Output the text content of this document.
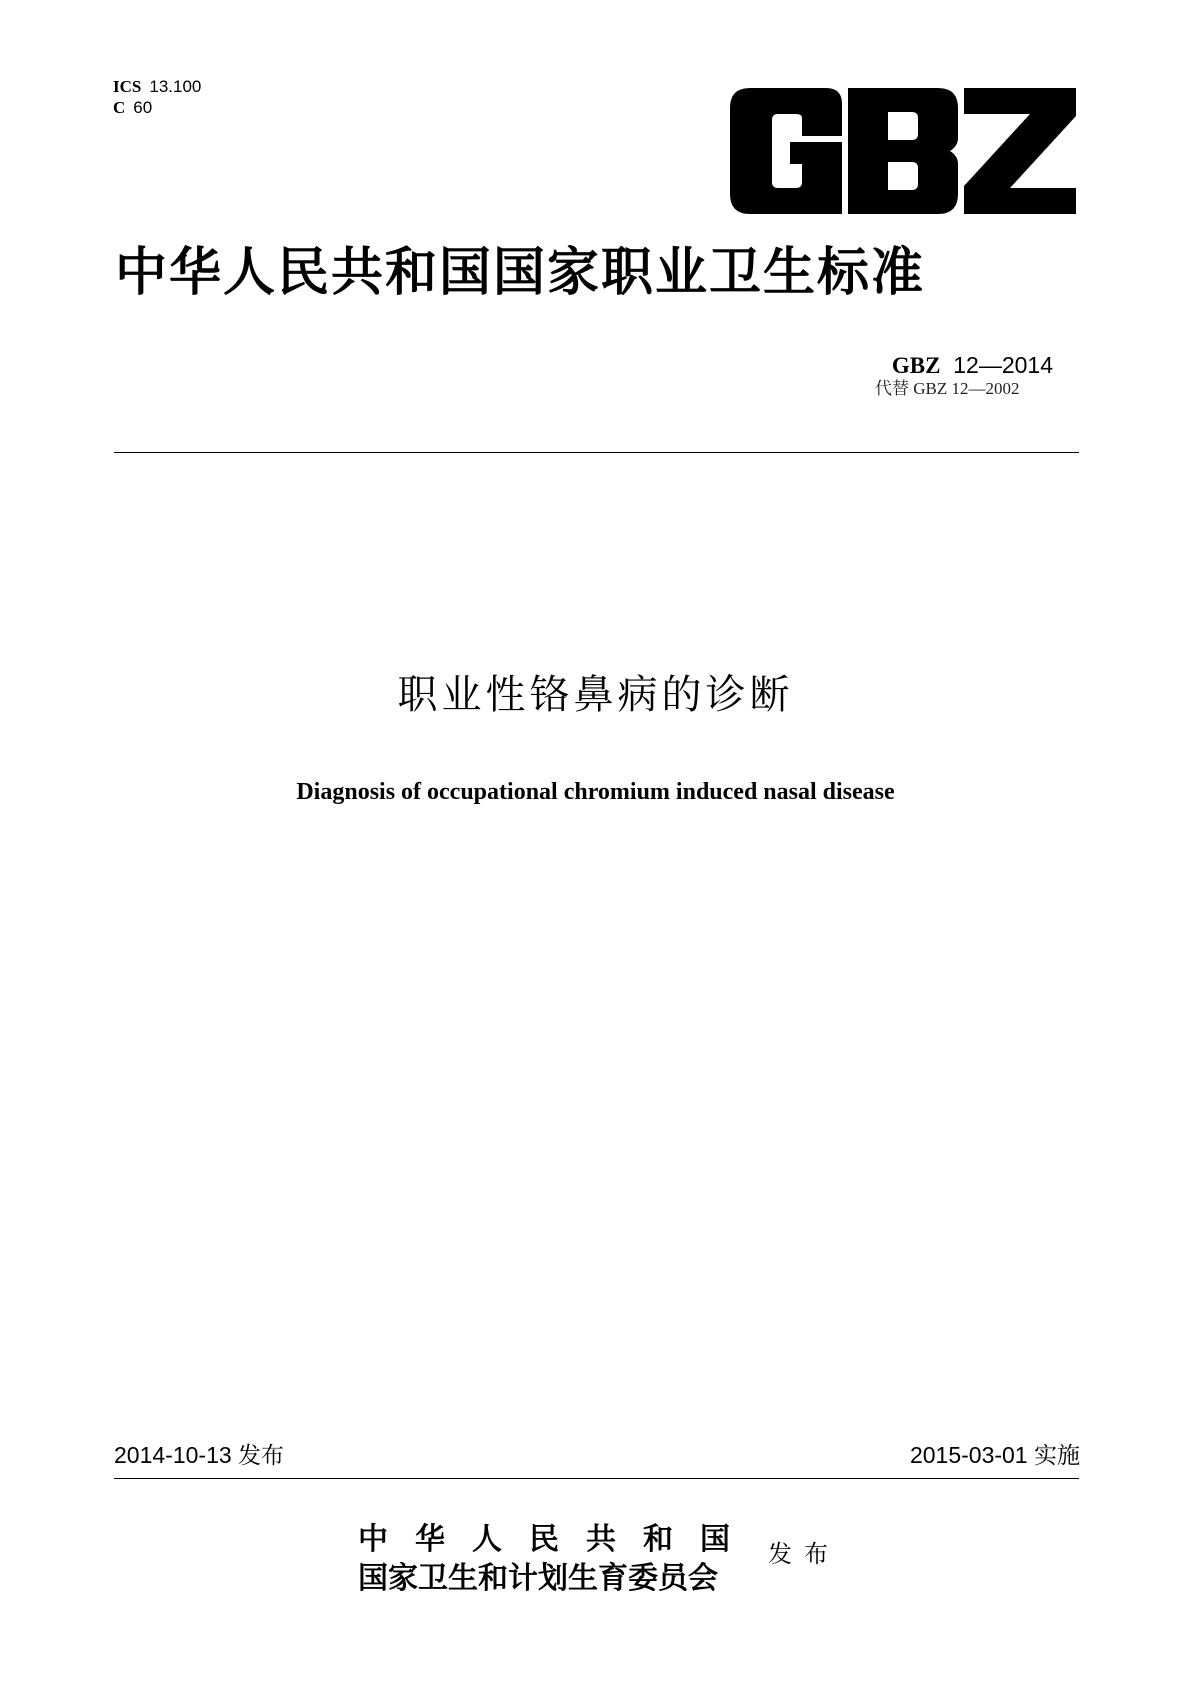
ICS 13.100
C 60
中华人民共和国国家职业卫生标准
GBZ 12—2014
代替 GBZ 12—2002
职业性铬鼻病的诊断
Diagnosis of occupational chromium induced nasal disease
2014-10-13 发布	2015-03-01 实施
中华人民共和国
国家卫生和计划生育委员会
发布
